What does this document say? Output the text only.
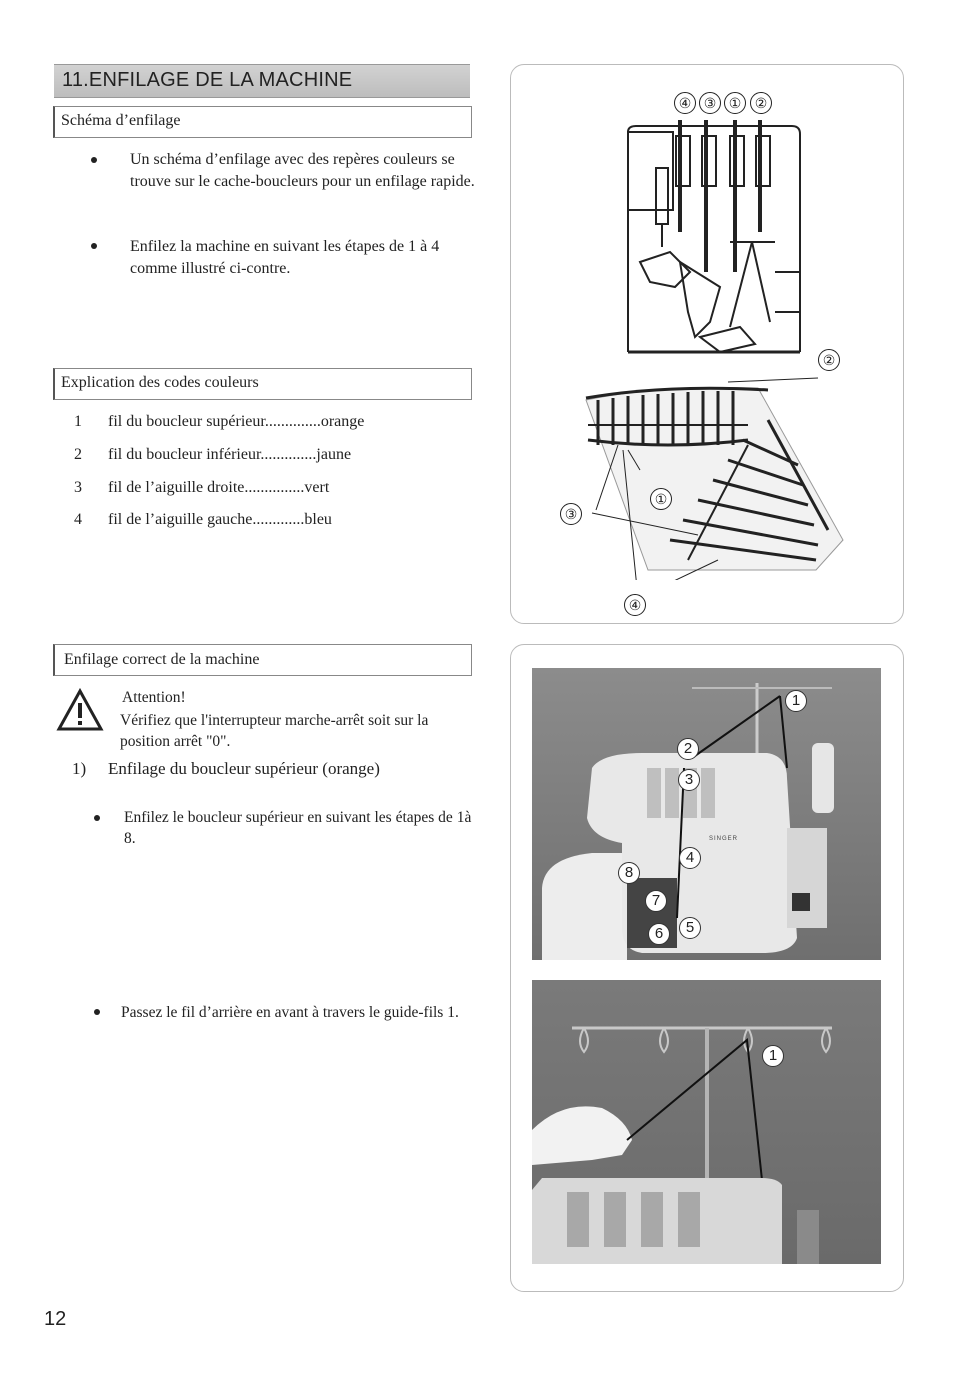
11.ENFILAGE DE LA MACHINE
Schéma d’enfilage
Un schéma d’enfilage avec des repères couleurs se trouve sur le cache-boucleurs pour un enfilage rapide.
Enfilez la machine en suivant les étapes de 1 à 4 comme illustré ci-contre.
Explication des codes couleurs
1 fil du boucleur supérieur..............orange
2 fil du boucleur inférieur..............jaune
3 fil de l’aiguille droite...............vert
4 fil de l’aiguille gauche.............bleu
Enfilage correct de la machine
Attention!
Vérifiez que l'interrupteur marche-arrêt soit sur la position arrêt "0".
1) Enfilage du boucleur supérieur (orange)
Enfilez le boucleur supérieur en suivant les étapes de 1à 8.
Passez le fil d’arrière en avant à travers le guide-fils 1.
④ ③ ① ②
②
①
③
④
SINGER
1
2
3
4
5
6
7
8
1
12
